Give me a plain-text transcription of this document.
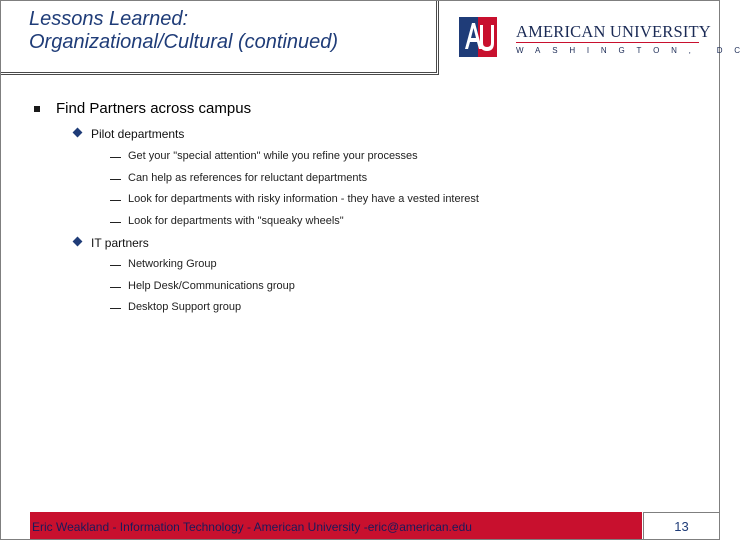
Lessons Learned:
Organizational/Cultural (continued)	AMERICAN UNIVERSITY
WASHINGTON, DC
Find Partners across campus
Pilot departments
Get your "special attention" while you refine your processes
Can help as references for reluctant departments
Look for departments with risky information - they have a vested interest
Look for departments with "squeaky wheels"
IT partners
Networking Group
Help Desk/Communications group
Desktop Support group
Eric Weakland - Information Technology - American University -eric@american.edu	13
